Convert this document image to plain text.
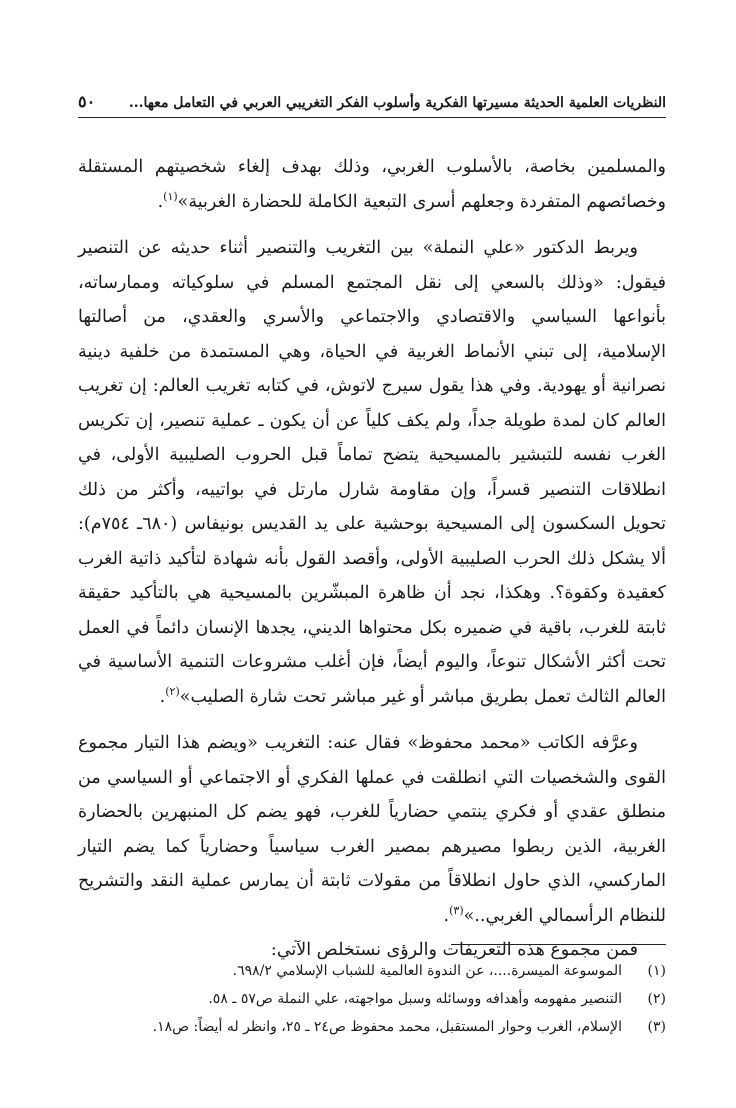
النظريات العلمية الحديثة مسيرتها الفكرية وأسلوب الفكر التغريبي العربي في التعامل معها...
٥٠

والمسلمين بخاصة، بالأسلوب الغربي، وذلك بهدف إلغاء شخصيتهم المستقلة وخصائصهم المتفردة وجعلهم أسرى التبعية الكاملة للحضارة الغربية»$^{(١)}$.

ويربط الدكتور «علي النملة» بين التغريب والتنصير أثناء حديثه عن التنصير فيقول: «وذلك بالسعي إلى نقل المجتمع المسلم في سلوكياته وممارساته، بأنواعها السياسي والاقتصادي والاجتماعي والأسري والعقدي، من أصالتها الإسلامية، إلى تبني الأنماط الغربية في الحياة، وهي المستمدة من خلفية دينية نصرانية أو يهودية. وفي هذا يقول سيرج لاتوش، في كتابه تغريب العالم: إن تغريب العالم كان لمدة طويلة جداً، ولم يكف كلياً عن أن يكون ـ عملية تنصير، إن تكريس الغرب نفسه للتبشير بالمسيحية يتضح تماماً قبل الحروب الصليبية الأولى، في انطلاقات التنصير قسراً، وإن مقاومة شارل مارتل في بواتييه، وأكثر من ذلك تحويل السكسون إلى المسيحية بوحشية على يد القديس بونيفاس (٦٨٠ـ ٧٥٤م): ألا يشكل ذلك الحرب الصليبية الأولى، وأقصد القول بأنه شهادة لتأكيد ذاتية الغرب كعقيدة وكقوة؟. وهكذا، نجد أن ظاهرة المبشّرين بالمسيحية هي بالتأكيد حقيقة ثابتة للغرب، باقية في ضميره بكل محتواها الديني، يجدها الإنسان دائماً في العمل تحت أكثر الأشكال تنوعاً، واليوم أيضاً، فإن أغلب مشروعات التنمية الأساسية في العالم الثالث تعمل بطريق مباشر أو غير مباشر تحت شارة الصليب»$^{(٢)}$.

وعرَّفه الكاتب «محمد محفوظ» فقال عنه: التغريب «ويضم هذا التيار مجموع القوى والشخصيات التي انطلقت في عملها الفكري أو الاجتماعي أو السياسي من منطلق عقدي أو فكري ينتمي حضارياً للغرب، فهو يضم كل المنبهرين بالحضارة الغربية، الذين ربطوا مصيرهم بمصير الغرب سياسياً وحضارياً كما يضم التيار الماركسي، الذي حاول انطلاقاً من مقولات ثابتة أن يمارس عملية النقد والتشريح للنظام الرأسمالي الغربي..»$^{(٣)}$.

فمن مجموع هذه التعريفات والرؤى نستخلص الآتي:

(١)
الموسوعة الميسرة....، عن الندوة العالمية للشباب الإسلامي ٦٩٨/٢.
(٢)
التنصير مفهومه وأهدافه ووسائله وسبل مواجهته، علي النملة ص٥٧ ـ ٥٨.
(٣)
الإسلام، الغرب وحوار المستقبل، محمد محفوظ ص٢٤ ـ ٢٥، وانظر له أيضاً: ص١٨.
